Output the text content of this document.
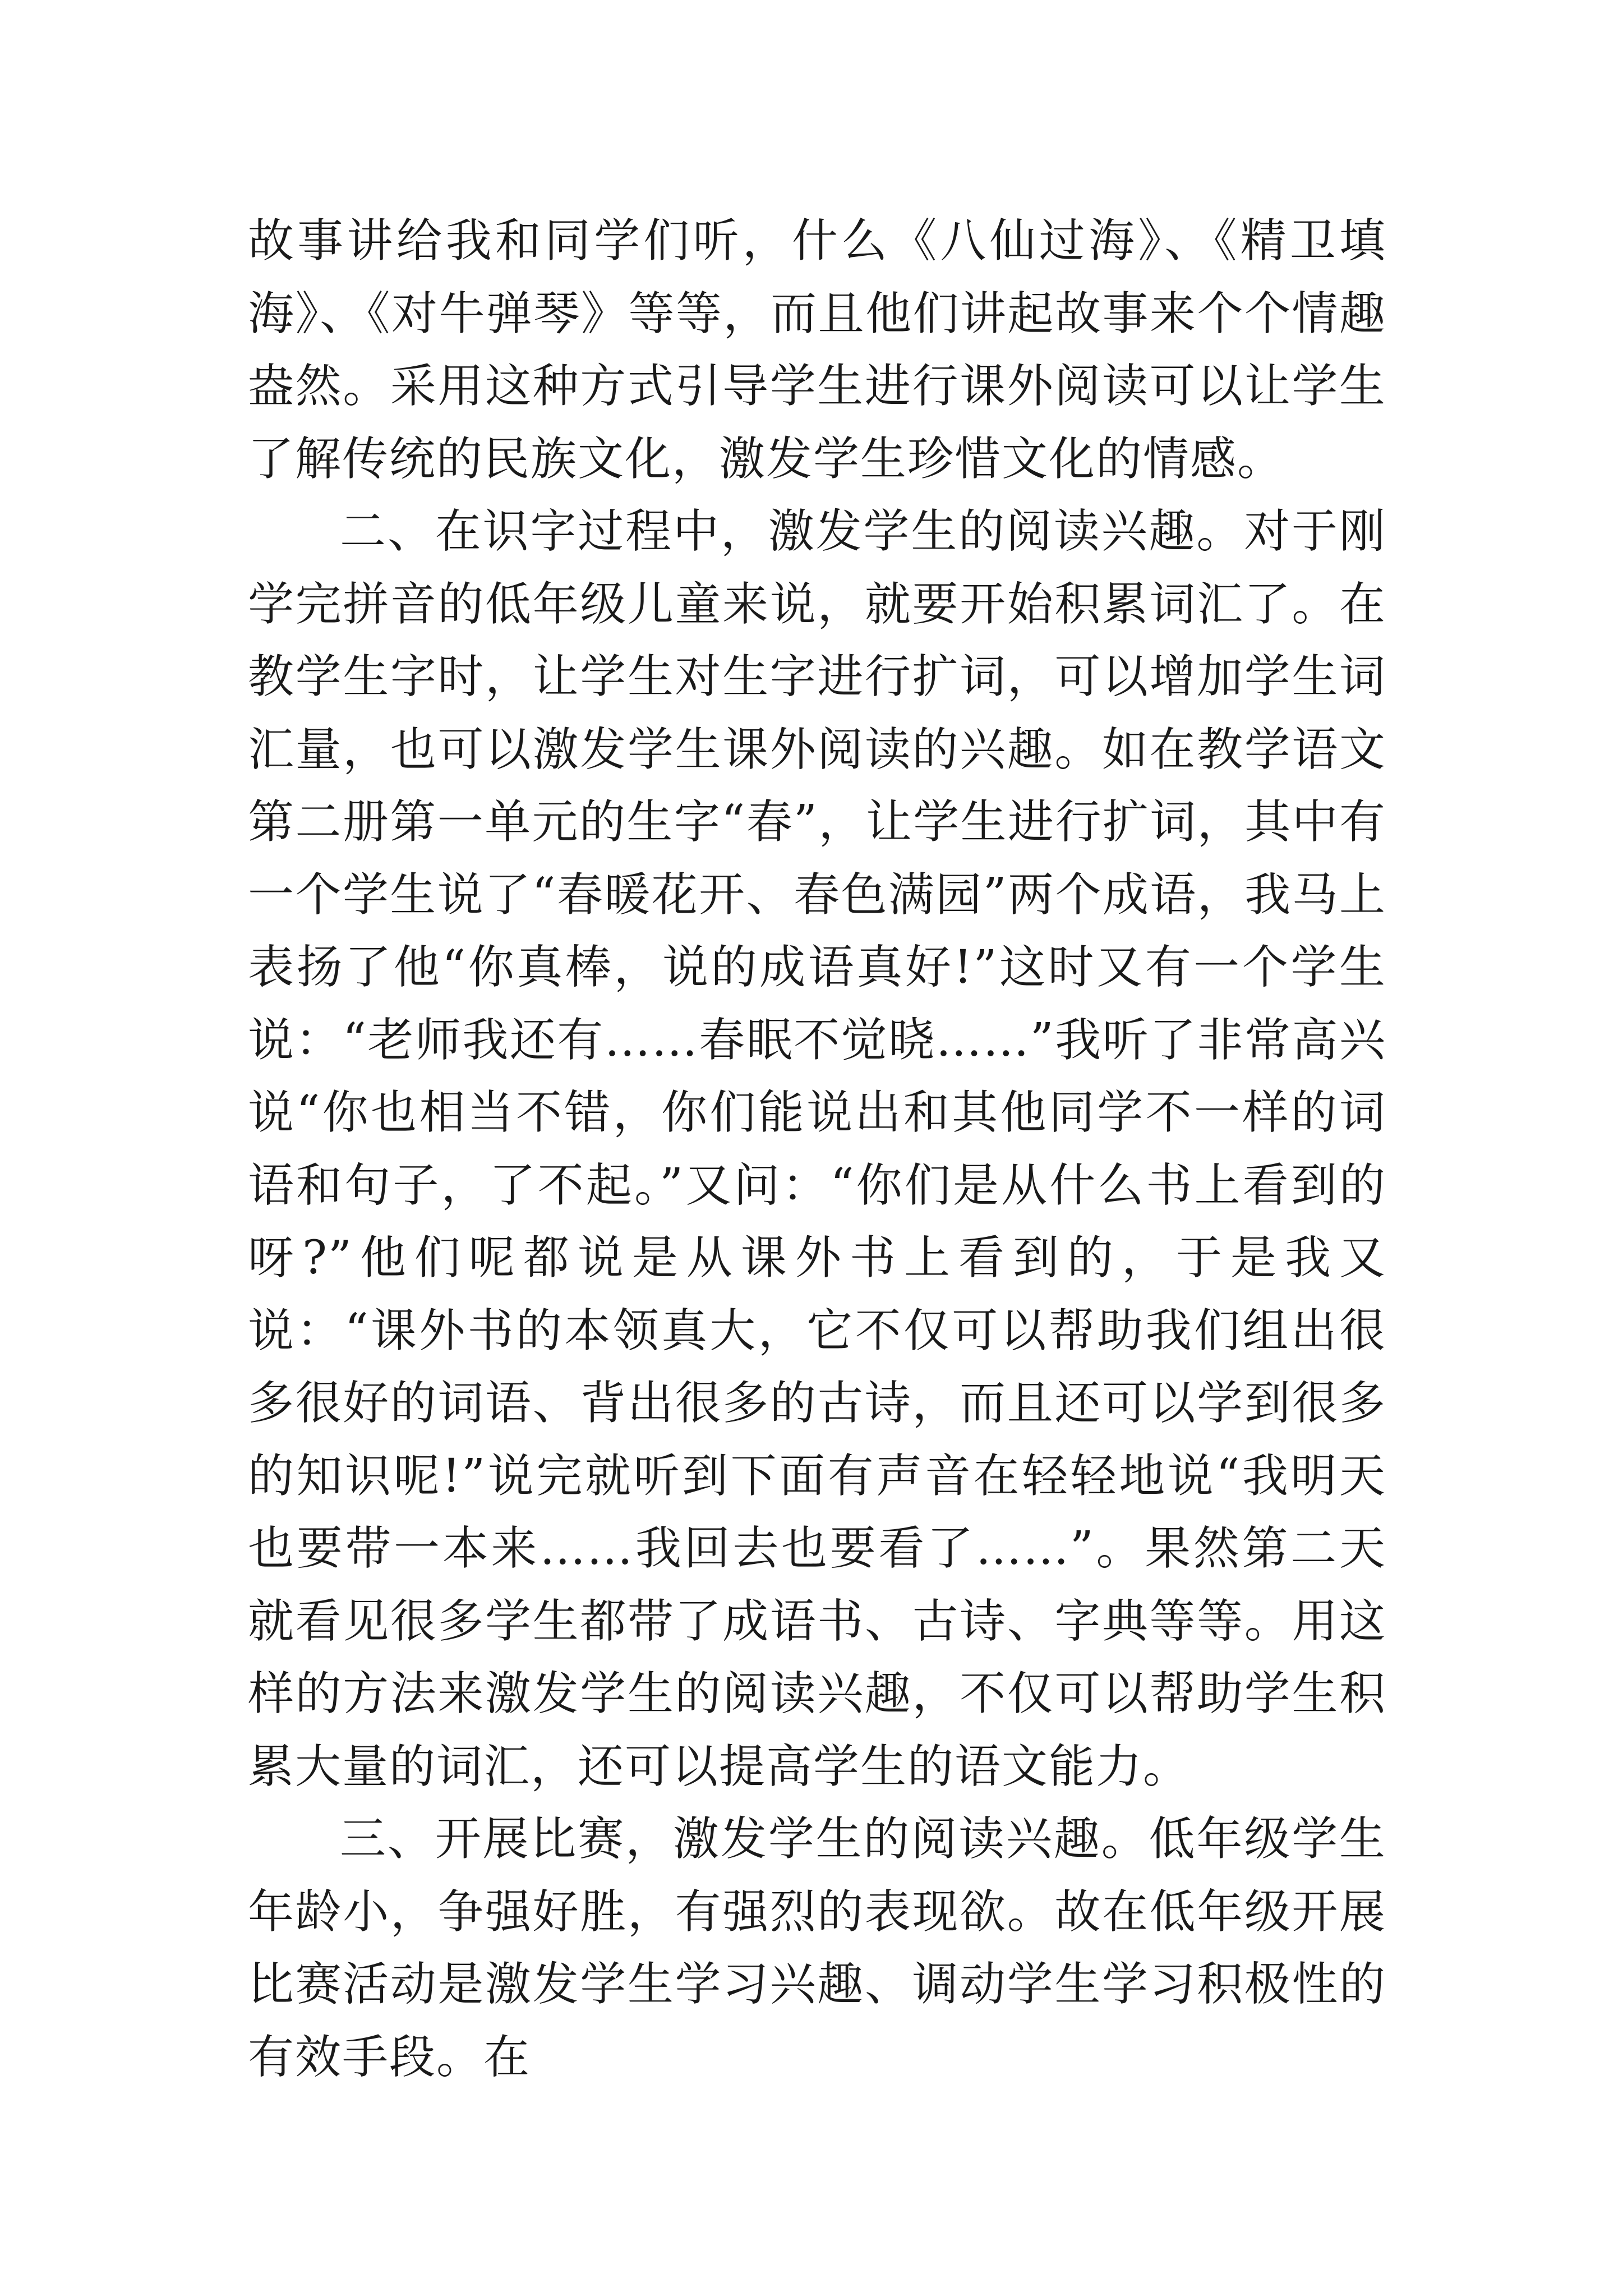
故事讲给我和同学们听，什么《八仙过海》、《精卫填海》、《对牛弹琴》等等，而且他们讲起故事来个个情趣盎然。采用这种方式引导学生进行课外阅读可以让学生了解传统的民族文化，激发学生珍惜文化的情感。

二、在识字过程中，激发学生的阅读兴趣。对于刚学完拼音的低年级儿童来说，就要开始积累词汇了。在教学生字时，让学生对生字进行扩词，可以增加学生词汇量，也可以激发学生课外阅读的兴趣。如在教学语文第二册第一单元的生字“春”，让学生进行扩词，其中有一个学生说了“春暖花开、春色满园”两个成语，我马上表扬了他“你真棒，说的成语真好!”这时又有一个学生说：“老师我还有……春眠不觉晓……”我听了非常高兴说“你也相当不错，你们能说出和其他同学不一样的词语和句子，了不起。”又问：“你们是从什么书上看到的呀?”他们呢都说是从课外书上看到的，于是我又说：“课外书的本领真大，它不仅可以帮助我们组出很多很好的词语、背出很多的古诗，而且还可以学到很多的知识呢!”说完就听到下面有声音在轻轻地说“我明天也要带一本来……我回去也要看了……”。果然第二天就看见很多学生都带了成语书、古诗、字典等等。用这样的方法来激发学生的阅读兴趣，不仅可以帮助学生积累大量的词汇，还可以提高学生的语文能力。

三、开展比赛，激发学生的阅读兴趣。低年级学生年龄小，争强好胜，有强烈的表现欲。故在低年级开展比赛活动是激发学生学习兴趣、调动学生学习积极性的有效手段。在
